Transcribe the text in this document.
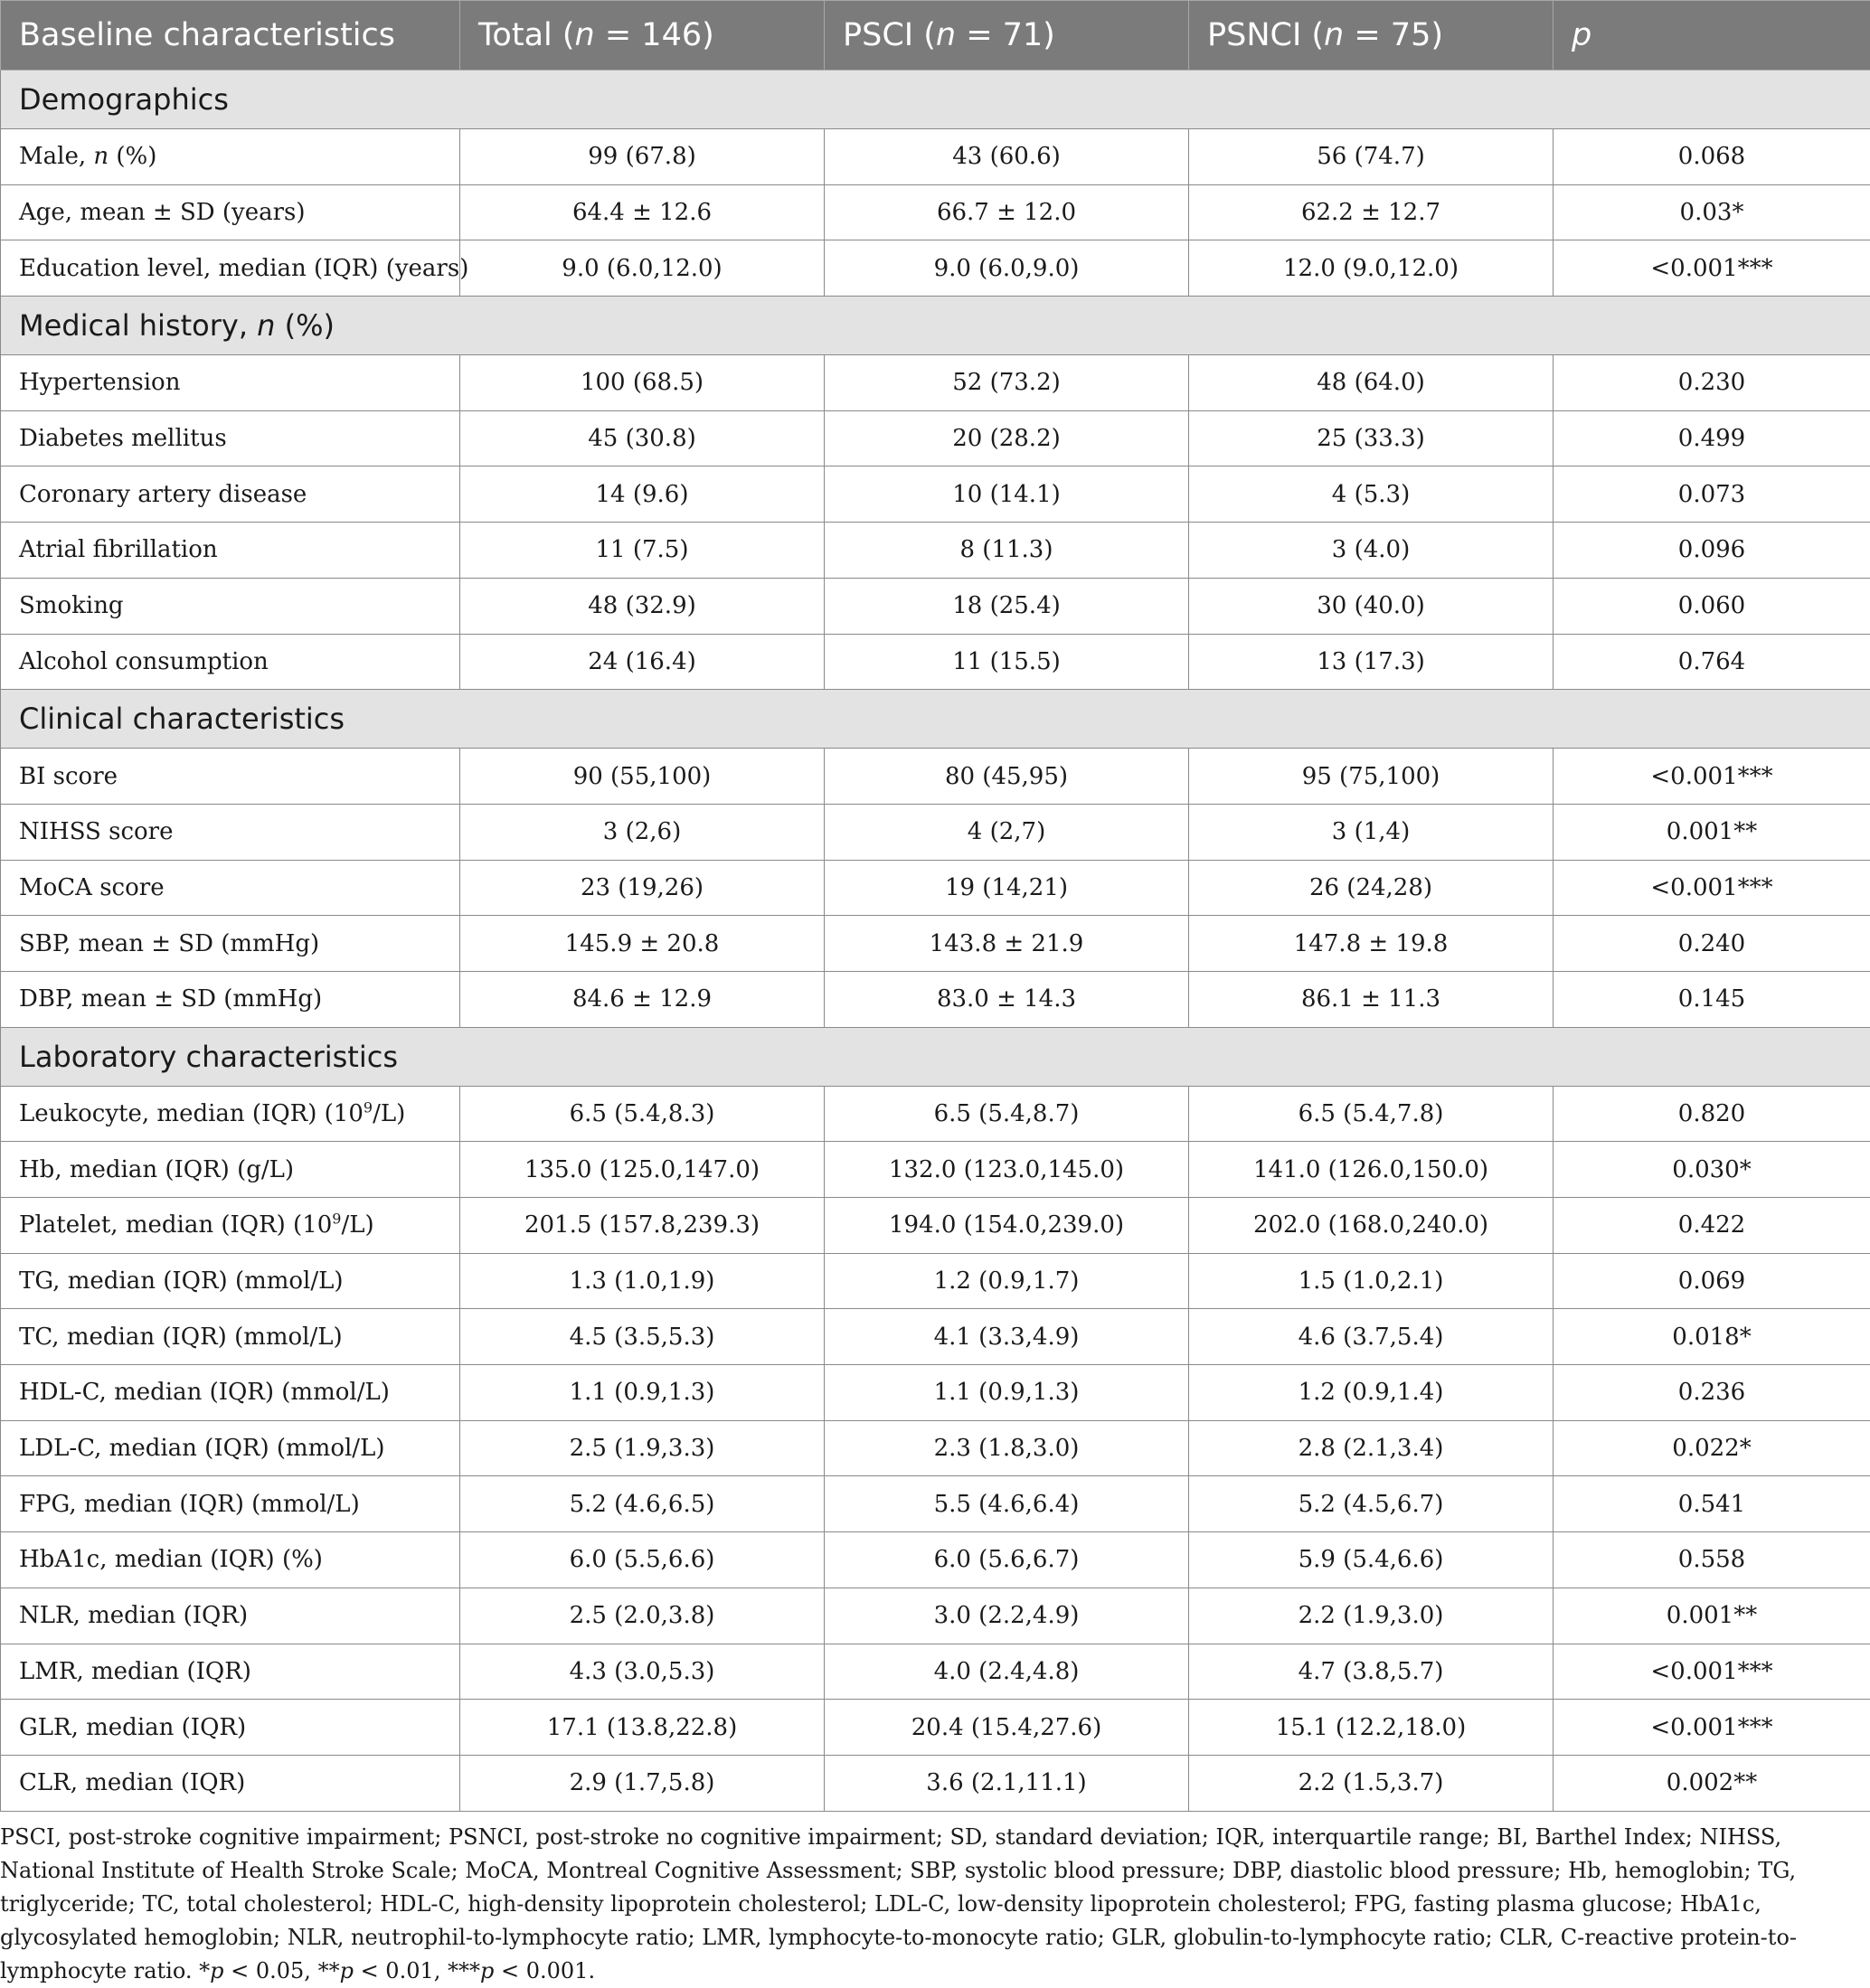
Baseline characteristics	Total (n = 146)	PSCI (n = 71)	PSNCI (n = 75)	p
Demographics				
Male, n (%)	99 (67.8)	43 (60.6)	56 (74.7)	0.068
Age, mean ± SD (years)	64.4 ± 12.6	66.7 ± 12.0	62.2 ± 12.7	0.03*
Education level, median (IQR) (years)	9.0 (6.0,12.0)	9.0 (6.0,9.0)	12.0 (9.0,12.0)	<0.001***
Medical history, n (%)				
Hypertension	100 (68.5)	52 (73.2)	48 (64.0)	0.230
Diabetes mellitus	45 (30.8)	20 (28.2)	25 (33.3)	0.499
Coronary artery disease	14 (9.6)	10 (14.1)	4 (5.3)	0.073
Atrial fibrillation	11 (7.5)	8 (11.3)	3 (4.0)	0.096
Smoking	48 (32.9)	18 (25.4)	30 (40.0)	0.060
Alcohol consumption	24 (16.4)	11 (15.5)	13 (17.3)	0.764
Clinical characteristics				
BI score	90 (55,100)	80 (45,95)	95 (75,100)	<0.001***
NIHSS score	3 (2,6)	4 (2,7)	3 (1,4)	0.001**
MoCA score	23 (19,26)	19 (14,21)	26 (24,28)	<0.001***
SBP, mean ± SD (mmHg)	145.9 ± 20.8	143.8 ± 21.9	147.8 ± 19.8	0.240
DBP, mean ± SD (mmHg)	84.6 ± 12.9	83.0 ± 14.3	86.1 ± 11.3	0.145
Laboratory characteristics				
Leukocyte, median (IQR) $(10^9/L)$	6.5 (5.4,8.3)	6.5 (5.4,8.7)	6.5 (5.4,7.8)	0.820
Hb, median (IQR) (g/L)	135.0 (125.0,147.0)	132.0 (123.0,145.0)	141.0 (126.0,150.0)	0.030*
Platelet, median (IQR) $(10^9/L)$	201.5 (157.8,239.3)	194.0 (154.0,239.0)	202.0 (168.0,240.0)	0.422
TG, median (IQR) (mmol/L)	1.3 (1.0,1.9)	1.2 (0.9,1.7)	1.5 (1.0,2.1)	0.069
TC, median (IQR) (mmol/L)	4.5 (3.5,5.3)	4.1 (3.3,4.9)	4.6 (3.7,5.4)	0.018*
HDL-C, median (IQR) (mmol/L)	1.1 (0.9,1.3)	1.1 (0.9,1.3)	1.2 (0.9,1.4)	0.236
LDL-C, median (IQR) (mmol/L)	2.5 (1.9,3.3)	2.3 (1.8,3.0)	2.8 (2.1,3.4)	0.022*
FPG, median (IQR) (mmol/L)	5.2 (4.6,6.5)	5.5 (4.6,6.4)	5.2 (4.5,6.7)	0.541
HbA1c, median (IQR) (%)	6.0 (5.5,6.6)	6.0 (5.6,6.7)	5.9 (5.4,6.6)	0.558
NLR, median (IQR)	2.5 (2.0,3.8)	3.0 (2.2,4.9)	2.2 (1.9,3.0)	0.001**
LMR, median (IQR)	4.3 (3.0,5.3)	4.0 (2.4,4.8)	4.7 (3.8,5.7)	<0.001***
GLR, median (IQR)	17.1 (13.8,22.8)	20.4 (15.4,27.6)	15.1 (12.2,18.0)	<0.001***
CLR, median (IQR)	2.9 (1.7,5.8)	3.6 (2.1,11.1)	2.2 (1.5,3.7)	0.002**

PSCI, post-stroke cognitive impairment; PSNCI, post-stroke no cognitive impairment; SD, standard deviation; IQR, interquartile range; BI, Barthel Index; NIHSS, National Institute of Health Stroke Scale; MoCA, Montreal Cognitive Assessment; SBP, systolic blood pressure; DBP, diastolic blood pressure; Hb, hemoglobin; TG, triglyceride; TC, total cholesterol; HDL-C, high-density lipoprotein cholesterol; LDL-C, low-density lipoprotein cholesterol; FPG, fasting plasma glucose; HbA1c, glycosylated hemoglobin; NLR, neutrophil-to-lymphocyte ratio; LMR, lymphocyte-to-monocyte ratio; GLR, globulin-to-lymphocyte ratio; CLR, C-reactive protein-to-lymphocyte ratio. *p < 0.05, **p < 0.01, ***p < 0.001.
